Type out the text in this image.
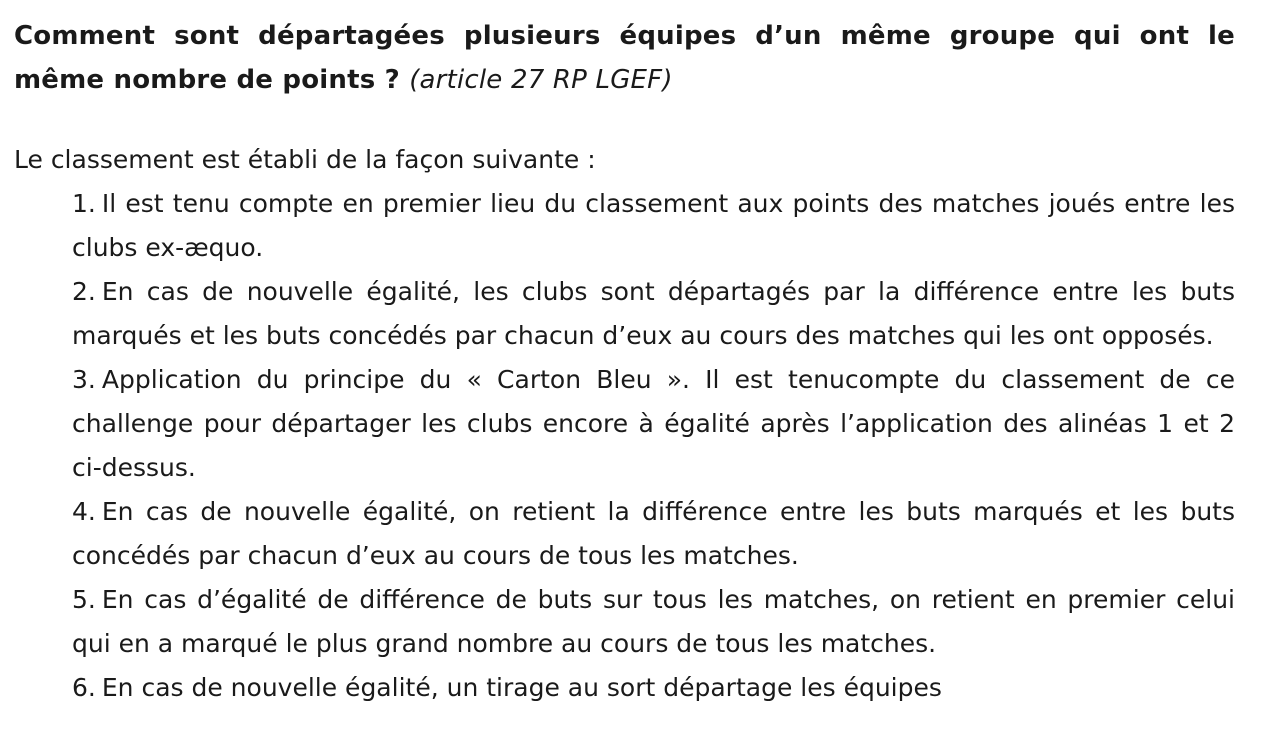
Comment sont départagées plusieurs équipes d’un même groupe qui ont le même nombre de points ? (article 27 RP LGEF)

Le classement est établi de la façon suivante :

1. Il est tenu compte en premier lieu du classement aux points des matches joués entre les clubs ex-æquo.
2. En cas de nouvelle égalité, les clubs sont départagés par la différence entre les buts marqués et les buts concédés par chacun d’eux au cours des matches qui les ont opposés.
3. Application du principe du « Carton Bleu ». Il est tenucompte du classement de ce challenge pour départager les clubs encore à égalité après l’application des alinéas 1 et 2 ci-dessus.
4. En cas de nouvelle égalité, on retient la différence entre les buts marqués et les buts concédés par chacun d’eux au cours de tous les matches.
5. En cas d’égalité de différence de buts sur tous les matches, on retient en premier celui qui en a marqué le plus grand nombre au cours de tous les matches.
6. En cas de nouvelle égalité, un tirage au sort départage les équipes
